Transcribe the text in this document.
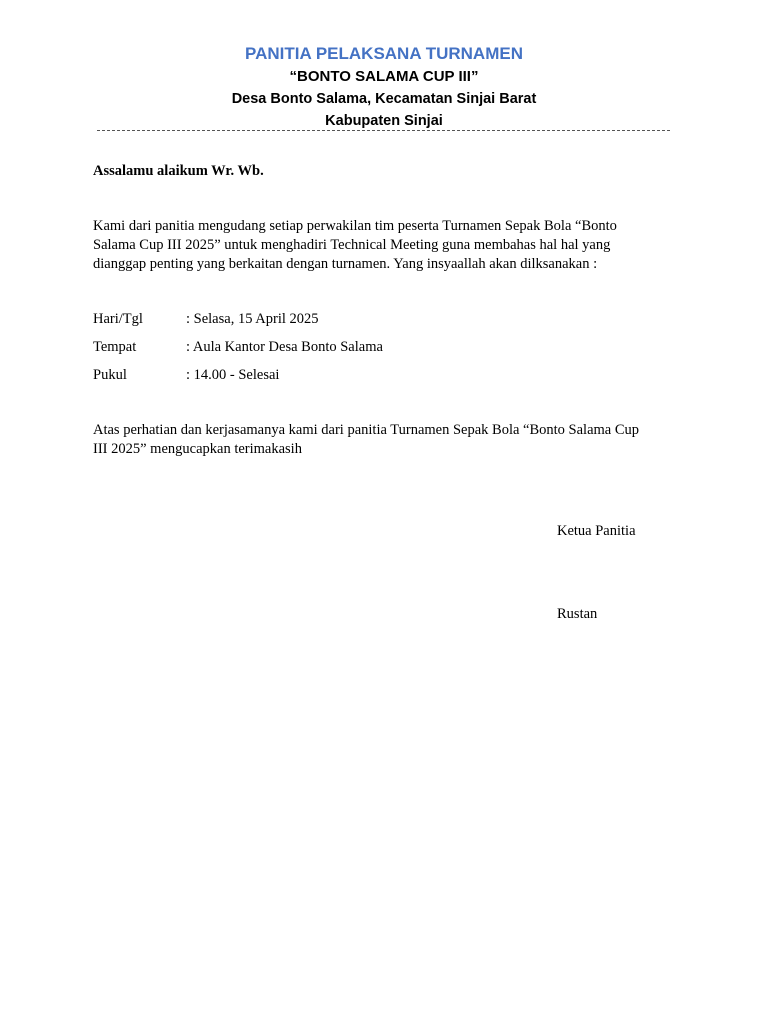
PANITIA PELAKSANA TURNAMEN
“BONTO SALAMA CUP III”
Desa Bonto Salama, Kecamatan Sinjai Barat
Kabupaten Sinjai
Assalamu alaikum Wr. Wb.
Kami dari panitia mengudang setiap perwakilan tim peserta Turnamen Sepak Bola “Bonto Salama Cup III 2025” untuk menghadiri Technical Meeting guna membahas hal hal yang dianggap penting yang berkaitan dengan turnamen. Yang insyaallah akan dilksanakan :
Hari/Tgl	: Selasa, 15 April 2025
Tempat	: Aula Kantor Desa Bonto Salama
Pukul	: 14.00 - Selesai
Atas perhatian dan kerjasamanya kami dari panitia Turnamen Sepak Bola “Bonto Salama Cup III 2025” mengucapkan terimakasih
Ketua Panitia
Rustan
